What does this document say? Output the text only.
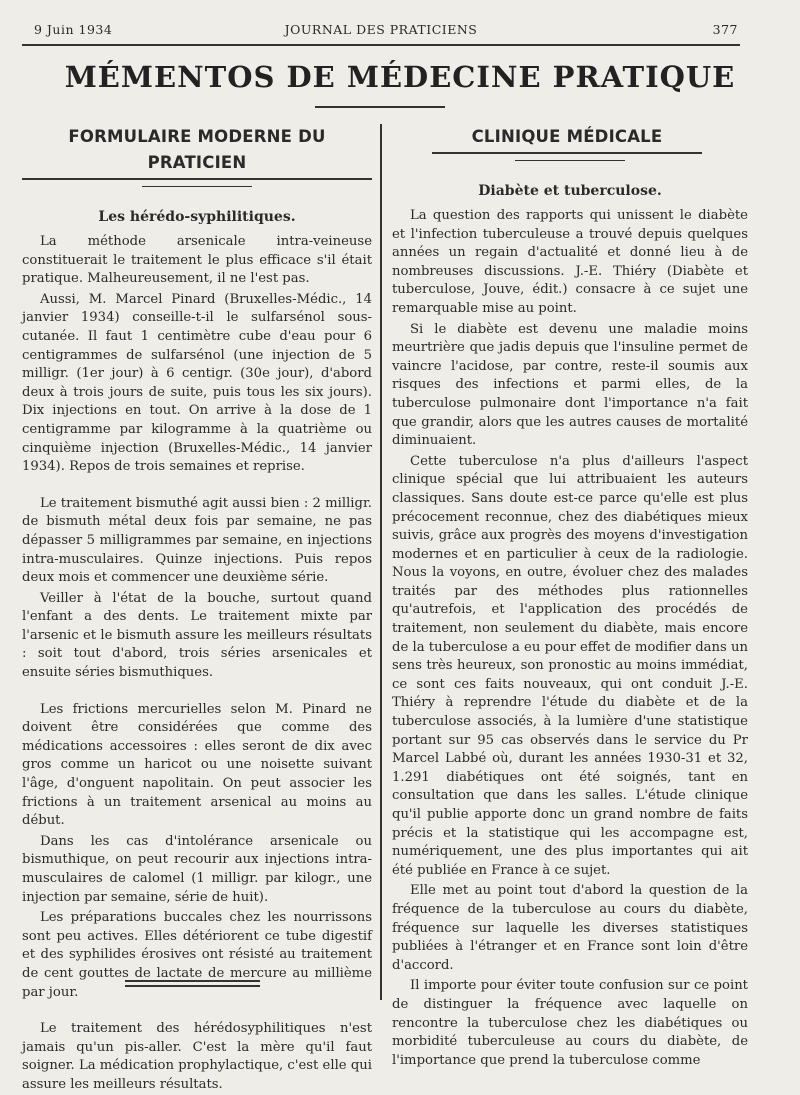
9 Juin 1934	JOURNAL DES PRATICIENS	377
MÉMENTOS DE MÉDECINE PRATIQUE
FORMULAIRE MODERNE DU PRATICIEN
Les hérédo-syphilitiques.

La méthode arsenicale intra-veineuse constituerait le traitement le plus efficace s'il était pratique. Malheureusement, il ne l'est pas.

Aussi, M. Marcel Pinard (Bruxelles-Médic., 14 janvier 1934) conseille-t-il le sulfarsénol sous-cutanée. Il faut 1 centimètre cube d'eau pour 6 centigrammes de sulfarsénol (une injection de 5 milligr. (1er jour) à 6 centigr. (30e jour), d'abord deux à trois jours de suite, puis tous les six jours). Dix injections en tout. On arrive à la dose de 1 centigramme par kilogramme à la quatrième ou cinquième injection (Bruxelles-Médic., 14 janvier 1934). Repos de trois semaines et reprise.

Le traitement bismuthé agit aussi bien : 2 milligr. de bismuth métal deux fois par semaine, ne pas dépasser 5 milligrammes par semaine, en injections intra-musculaires. Quinze injections. Puis repos deux mois et commencer une deuxième série.

Veiller à l'état de la bouche, surtout quand l'enfant a des dents. Le traitement mixte par l'arsenic et le bismuth assure les meilleurs résultats : soit tout d'abord, trois séries arsenicales et ensuite séries bismuthiques.

Les frictions mercurielles selon M. Pinard ne doivent être considérées que comme des médications accessoires : elles seront de dix avec gros comme un haricot ou une noisette suivant l'âge, d'onguent napolitain. On peut associer les frictions à un traitement arsenical au moins au début.

Dans les cas d'intolérance arsenicale ou bismuthique, on peut recourir aux injections intra-musculaires de calomel (1 milligr. par kilogr., une injection par semaine, série de huit).

Les préparations buccales chez les nourrissons sont peu actives. Elles détériorent ce tube digestif et des syphilides érosives ont résisté au traitement de cent gouttes de lactate de mercure au millième par jour.

Le traitement des hérédosyphilitiques n'est jamais qu'un pis-aller. C'est la mère qu'il faut soigner. La médication prophylactique, c'est elle qui assure les meilleurs résultats.

CLINIQUE MÉDICALE
Diabète et tuberculose.

La question des rapports qui unissent le diabète et l'infection tuberculeuse a trouvé depuis quelques années un regain d'actualité et donné lieu à de nombreuses discussions. J.-E. Thiéry (Diabète et tuberculose, Jouve, édit.) consacre à ce sujet une remarquable mise au point.

Si le diabète est devenu une maladie moins meurtrière que jadis depuis que l'insuline permet de vaincre l'acidose, par contre, reste-il soumis aux risques des infections et parmi elles, de la tuberculose pulmonaire dont l'importance n'a fait que grandir, alors que les autres causes de mortalité diminuaient.

Cette tuberculose n'a plus d'ailleurs l'aspect clinique spécial que lui attribuaient les auteurs classiques. Sans doute est-ce parce qu'elle est plus précocement reconnue, chez des diabétiques mieux suivis, grâce aux progrès des moyens d'investigation modernes et en particulier à ceux de la radiologie. Nous la voyons, en outre, évoluer chez des malades traités par des méthodes plus rationnelles qu'autrefois, et l'application des procédés de traitement, non seulement du diabète, mais encore de la tuberculose a eu pour effet de modifier dans un sens très heureux, son pronostic au moins immédiat, ce sont ces faits nouveaux, qui ont conduit J.-E. Thiéry à reprendre l'étude du diabète et de la tuberculose associés, à la lumière d'une statistique portant sur 95 cas observés dans le service du Pr Marcel Labbé où, durant les années 1930-31 et 32, 1.291 diabétiques ont été soignés, tant en consultation que dans les salles. L'étude clinique qu'il publie apporte donc un grand nombre de faits précis et la statistique qui les accompagne est, numériquement, une des plus importantes qui ait été publiée en France à ce sujet.

Elle met au point tout d'abord la question de la fréquence de la tuberculose au cours du diabète, fréquence sur laquelle les diverses statistiques publiées à l'étranger et en France sont loin d'être d'accord.

Il importe pour éviter toute confusion sur ce point de distinguer la fréquence avec laquelle on rencontre la tuberculose chez les diabétiques ou morbidité tuberculeuse au cours du diabète, de l'importance que prend la tuberculose comme
